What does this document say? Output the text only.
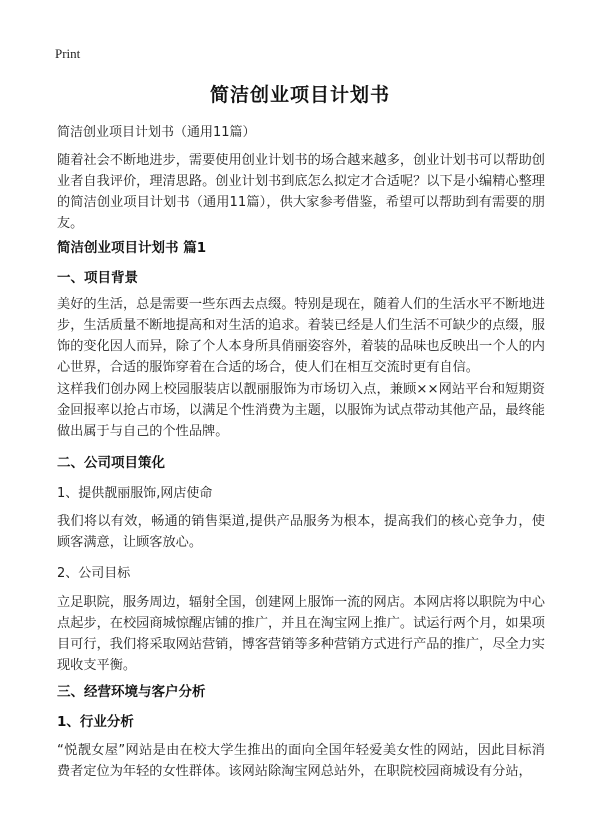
Print
简洁创业项目计划书
简洁创业项目计划书（通用11篇）
随着社会不断地进步，需要使用创业计划书的场合越来越多，创业计划书可以帮助创业者自我评价，理清思路。创业计划书到底怎么拟定才合适呢？以下是小编精心整理的简洁创业项目计划书（通用11篇），供大家参考借鉴，希望可以帮助到有需要的朋友。
简洁创业项目计划书 篇1
一、项目背景
美好的生活，总是需要一些东西去点缀。特别是现在，随着人们的生活水平不断地进步，生活质量不断地提高和对生活的追求。着装已经是人们生活不可缺少的点缀，服饰的变化因人而异，除了个人本身所具俏丽姿容外，着装的品味也反映出一个人的内心世界，合适的服饰穿着在合适的场合，使人们在相互交流时更有自信。
这样我们创办网上校园服装店以靓丽服饰为市场切入点，兼顾××网站平台和短期资金回报率以抢占市场，以满足个性消费为主题，以服饰为试点带动其他产品，最终能做出属于与自己的个性品牌。
二、公司项目策化
1、提供靓丽服饰,网店使命
我们将以有效，畅通的销售渠道,提供产品服务为根本，提高我们的核心竞争力，使顾客满意，让顾客放心。
2、公司目标
立足职院，服务周边，辐射全国，创建网上服饰一流的网店。本网店将以职院为中心点起步，在校园商城惊醒店铺的推广，并且在淘宝网上推广。试运行两个月，如果项目可行，我们将采取网站营销，博客营销等多种营销方式进行产品的推广，尽全力实现收支平衡。
三、经营环境与客户分析
1、行业分析
“悦靓女屋”网站是由在校大学生推出的面向全国年轻爱美女性的网站，因此目标消费者定位为年轻的女性群体。该网站除淘宝网总站外，在职院校园商城设有分站，
